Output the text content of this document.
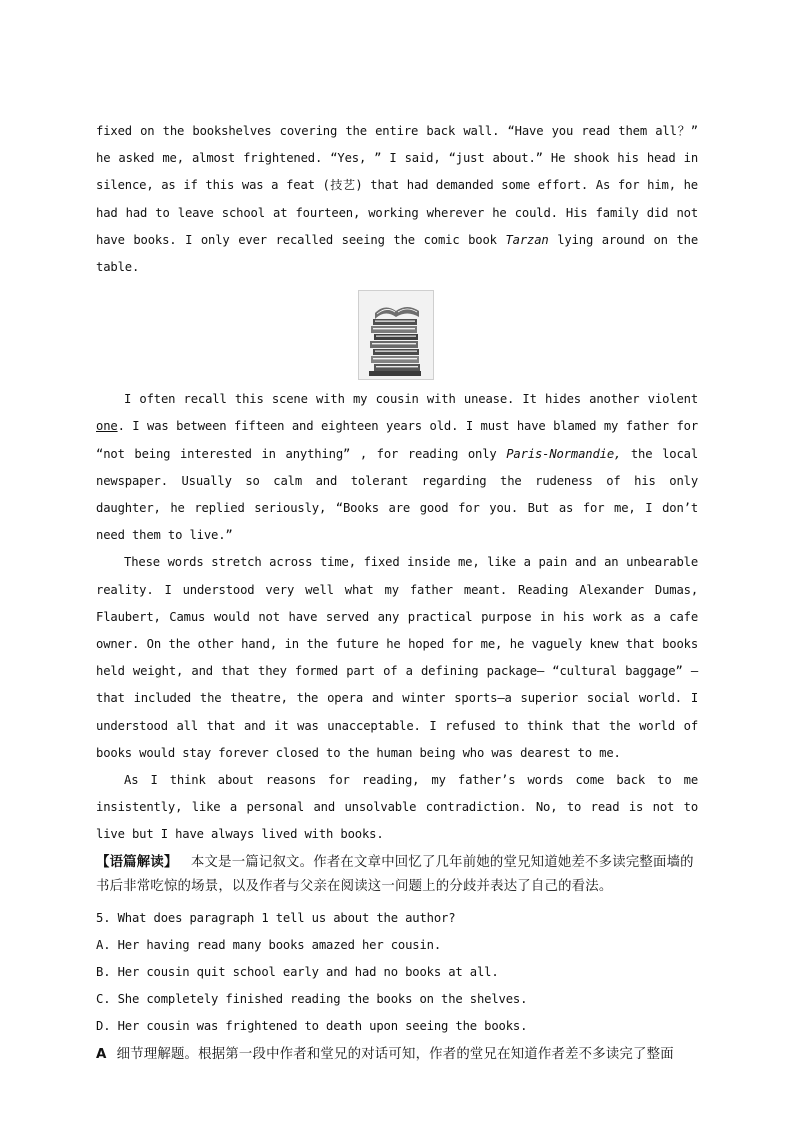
fixed on the bookshelves covering the entire back wall. “Have you read them all？” he asked me, almost frightened. “Yes, ” I said, “just about.” He shook his head in silence, as if this was a feat (技艺) that had demanded some effort. As for him, he had had to leave school at fourteen, working wherever he could. His family did not have books. I only ever recalled seeing the comic book Tarzan lying around on the table.

I often recall this scene with my cousin with unease. It hides another violent one. I was between fifteen and eighteen years old. I must have blamed my father for “not being interested in anything” , for reading only Paris-Normandie, the local newspaper. Usually so calm and tolerant regarding the rudeness of his only daughter, he replied seriously, “Books are good for you. But as for me, I don’t need them to live.”

These words stretch across time, fixed inside me, like a pain and an unbearable reality. I understood very well what my father meant. Reading Alexander Dumas, Flaubert, Camus would not have served any practical purpose in his work as a cafe owner. On the other hand, in the future he hoped for me, he vaguely knew that books held weight, and that they formed part of a defining package— “cultural baggage” —that included the theatre, the opera and winter sports—a superior social world. I understood all that and it was unacceptable. I refused to think that the world of books would stay forever closed to the human being who was dearest to me.

As I think about reasons for reading, my father’s words come back to me insistently, like a personal and unsolvable contradiction. No, to read is not to live but I have always lived with books.

【语篇解读】 本文是一篇记叙文。作者在文章中回忆了几年前她的堂兄知道她差不多读完整面墙的书后非常吃惊的场景，以及作者与父亲在阅读这一问题上的分歧并表达了自己的看法。

5. What does paragraph 1 tell us about the author?

A. Her having read many books amazed her cousin.

B. Her cousin quit school early and had no books at all.

C. She completely finished reading the books on the shelves.

D. Her cousin was frightened to death upon seeing the books.

A 细节理解题。根据第一段中作者和堂兄的对话可知，作者的堂兄在知道作者差不多读完了整面
